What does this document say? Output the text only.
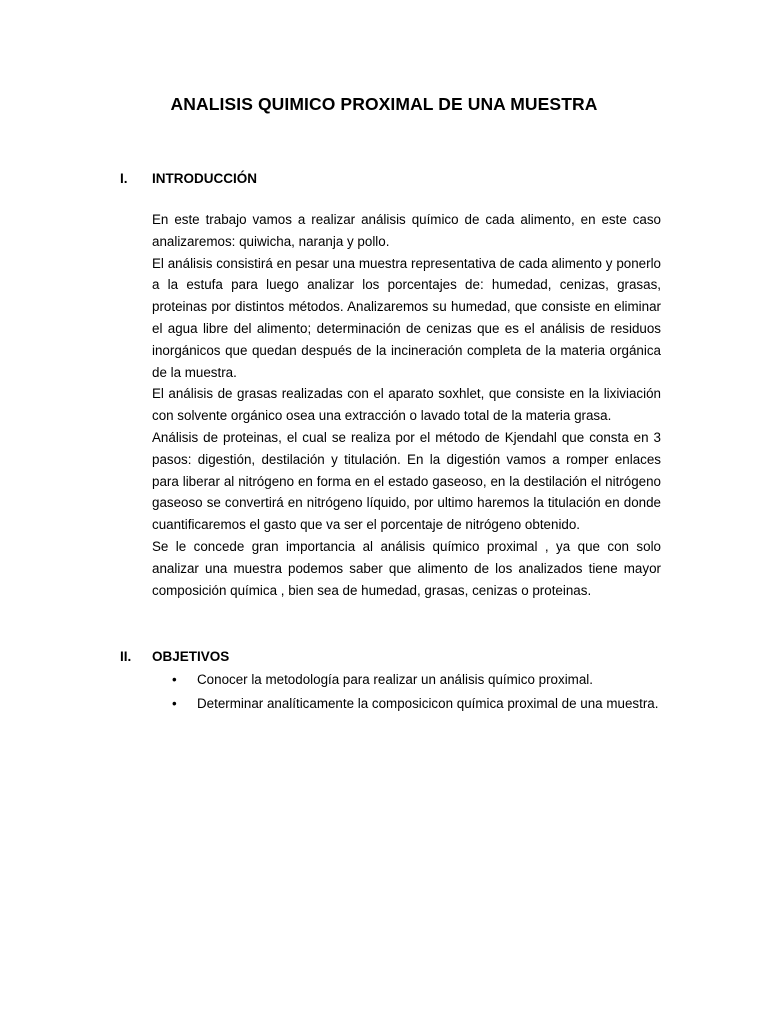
ANALISIS QUIMICO PROXIMAL DE UNA MUESTRA
I. INTRODUCCIÓN

En este trabajo vamos a realizar análisis químico de cada alimento, en este caso analizaremos: quiwicha, naranja y pollo.

El análisis consistirá en pesar una muestra representativa de cada alimento y ponerlo a la estufa para luego analizar los porcentajes de: humedad, cenizas, grasas, proteinas por distintos métodos. Analizaremos su humedad, que consiste en eliminar el agua libre del alimento; determinación de cenizas que es el análisis de residuos inorgánicos que quedan después de la incineración completa de la materia orgánica de la muestra.

El análisis de grasas realizadas con el aparato soxhlet, que consiste en la lixiviación con solvente orgánico osea una extracción o lavado total de la materia grasa.

Análisis de proteinas, el cual se realiza por el método de Kjendahl que consta en 3 pasos: digestión, destilación y titulación. En la digestión vamos a romper enlaces para liberar al nitrógeno en forma en el estado gaseoso, en la destilación el nitrógeno gaseoso se convertirá en nitrógeno líquido, por ultimo haremos la titulación en donde cuantificaremos el gasto que va ser el porcentaje de nitrógeno obtenido.

Se le concede gran importancia al análisis químico proximal , ya que con solo analizar una muestra podemos saber que alimento de los analizados tiene mayor composición química , bien sea de humedad, grasas, cenizas o proteinas.

II. OBJETIVOS
• Conocer la metodología para realizar un análisis químico proximal.
• Determinar analíticamente la composicicon química proximal de una muestra.
